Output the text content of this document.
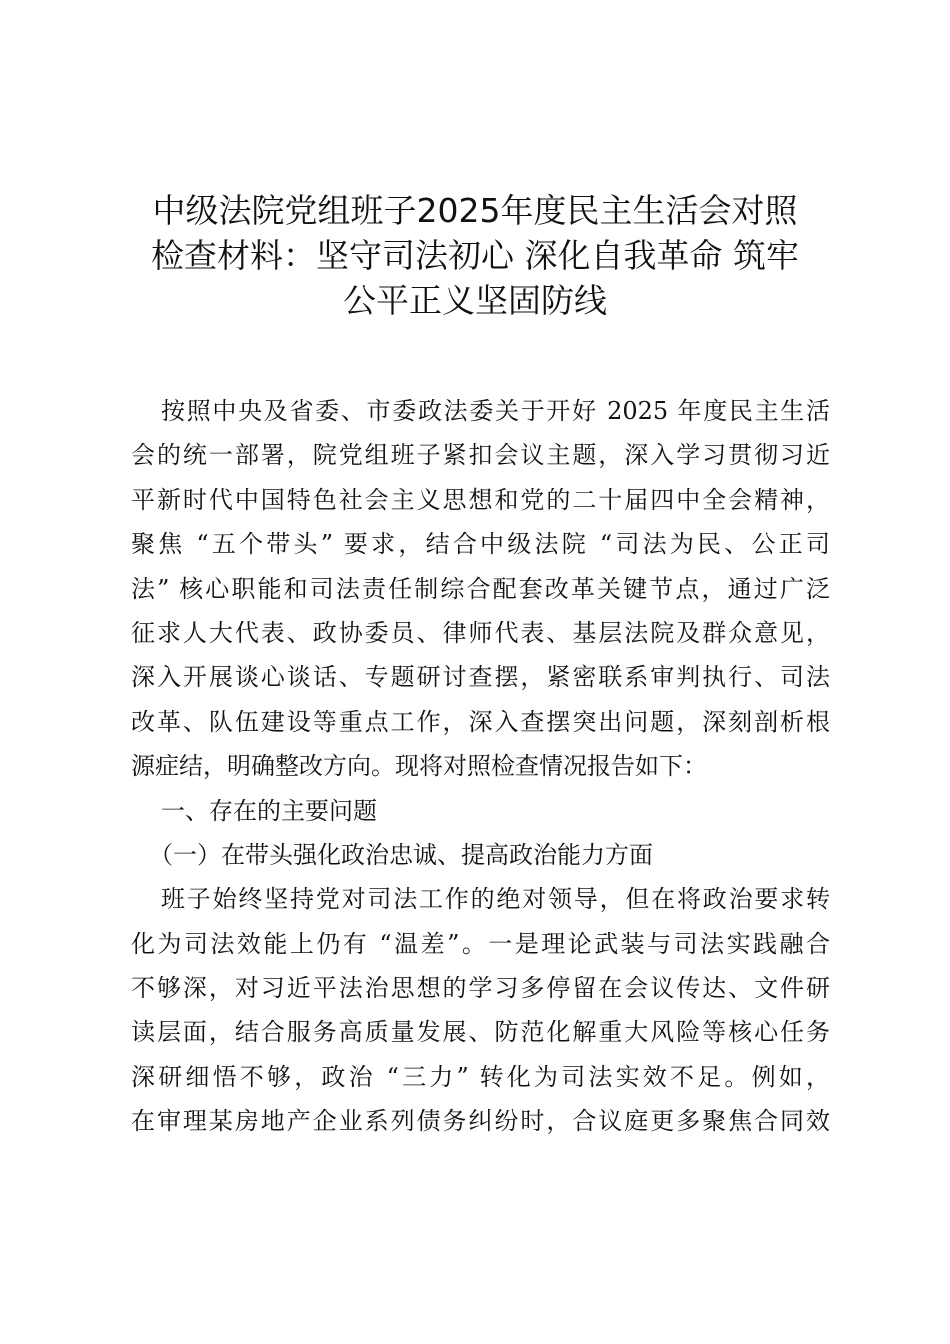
中级法院党组班子2025年度民主生活会对照
检查材料：坚守司法初心 深化自我革命 筑牢
公平正义坚固防线
按照中央及省委、市委政法委关于开好 2025 年度民主生活
会的统一部署，院党组班子紧扣会议主题，深入学习贯彻习近
平新时代中国特色社会主义思想和党的二十届四中全会精神，
聚焦 “五个带头” 要求，结合中级法院 “司法为民、公正司
法” 核心职能和司法责任制综合配套改革关键节点，通过广泛
征求人大代表、政协委员、律师代表、基层法院及群众意见，
深入开展谈心谈话、专题研讨查摆，紧密联系审判执行、司法
改革、队伍建设等重点工作，深入查摆突出问题，深刻剖析根
源症结，明确整改方向。现将对照检查情况报告如下：
一、存在的主要问题
（一）在带头强化政治忠诚、提高政治能力方面
班子始终坚持党对司法工作的绝对领导，但在将政治要求转
化为司法效能上仍有 “温差”。一是理论武装与司法实践融合
不够深，对习近平法治思想的学习多停留在会议传达、文件研
读层面，结合服务高质量发展、防范化解重大风险等核心任务
深研细悟不够，政治 “三力” 转化为司法实效不足。例如，
在审理某房地产企业系列债务纠纷时，合议庭更多聚焦合同效
